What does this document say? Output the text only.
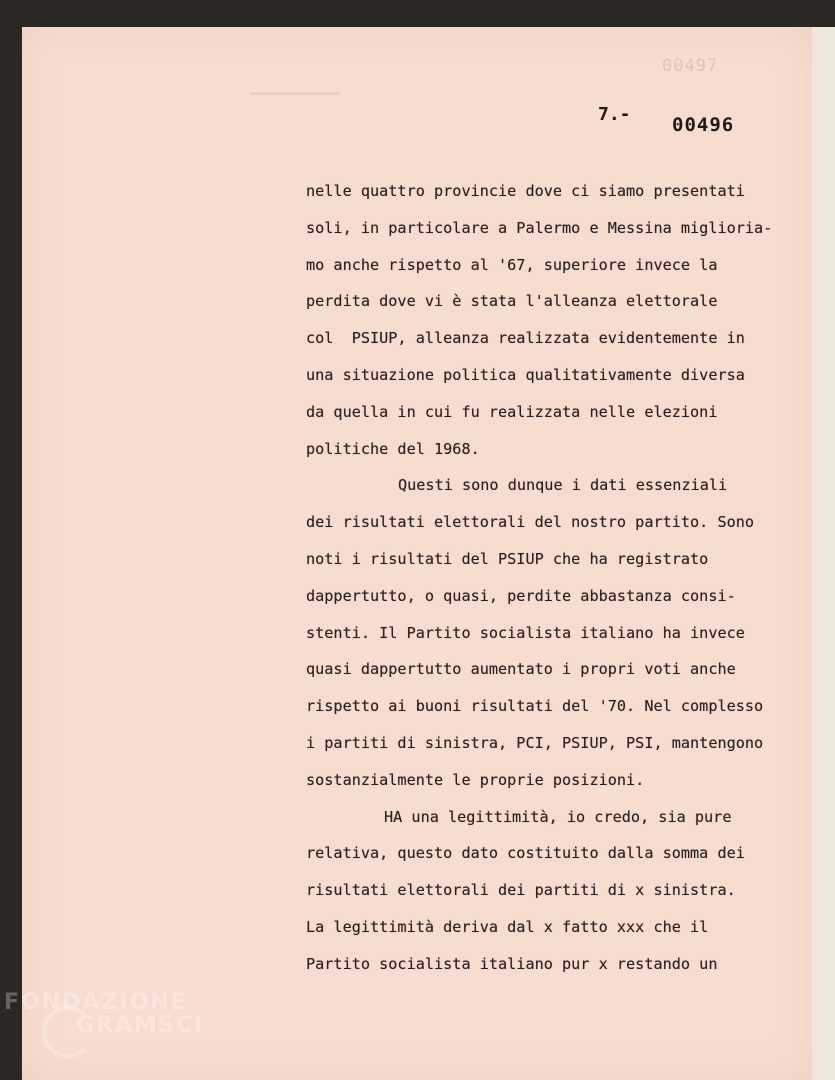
00497
7.- 00496
nelle quattro provincie dove ci siamo presentati
soli, in particolare a Palermo e Messina miglioria-
mo anche rispetto al '67, superiore invece la
perdita dove vi è stata l'alleanza elettorale
col  PSIUP, alleanza realizzata evidentemente in
una situazione politica qualitativamente diversa
da quella in cui fu realizzata nelle elezioni
politiche del 1968.
Questi sono dunque i dati essenziali
dei risultati elettorali del nostro partito. Sono
noti i risultati del PSIUP che ha registrato
dappertutto, o quasi, perdite abbastanza consi-
stenti. Il Partito socialista italiano ha invece
quasi dappertutto aumentato i propri voti anche
rispetto ai buoni risultati del '70. Nel complesso
i partiti di sinistra, PCI, PSIUP, PSI, mantengono
sostanzialmente le proprie posizioni.
HA una legittimità, io credo, sia pure
relativa, questo dato costituito dalla somma dei
risultati elettorali dei partiti di x sinistra.
La legittimità deriva dal x fatto xxx che il
Partito socialista italiano pur x restando un
FONDAZIONE
GRAMSCI
